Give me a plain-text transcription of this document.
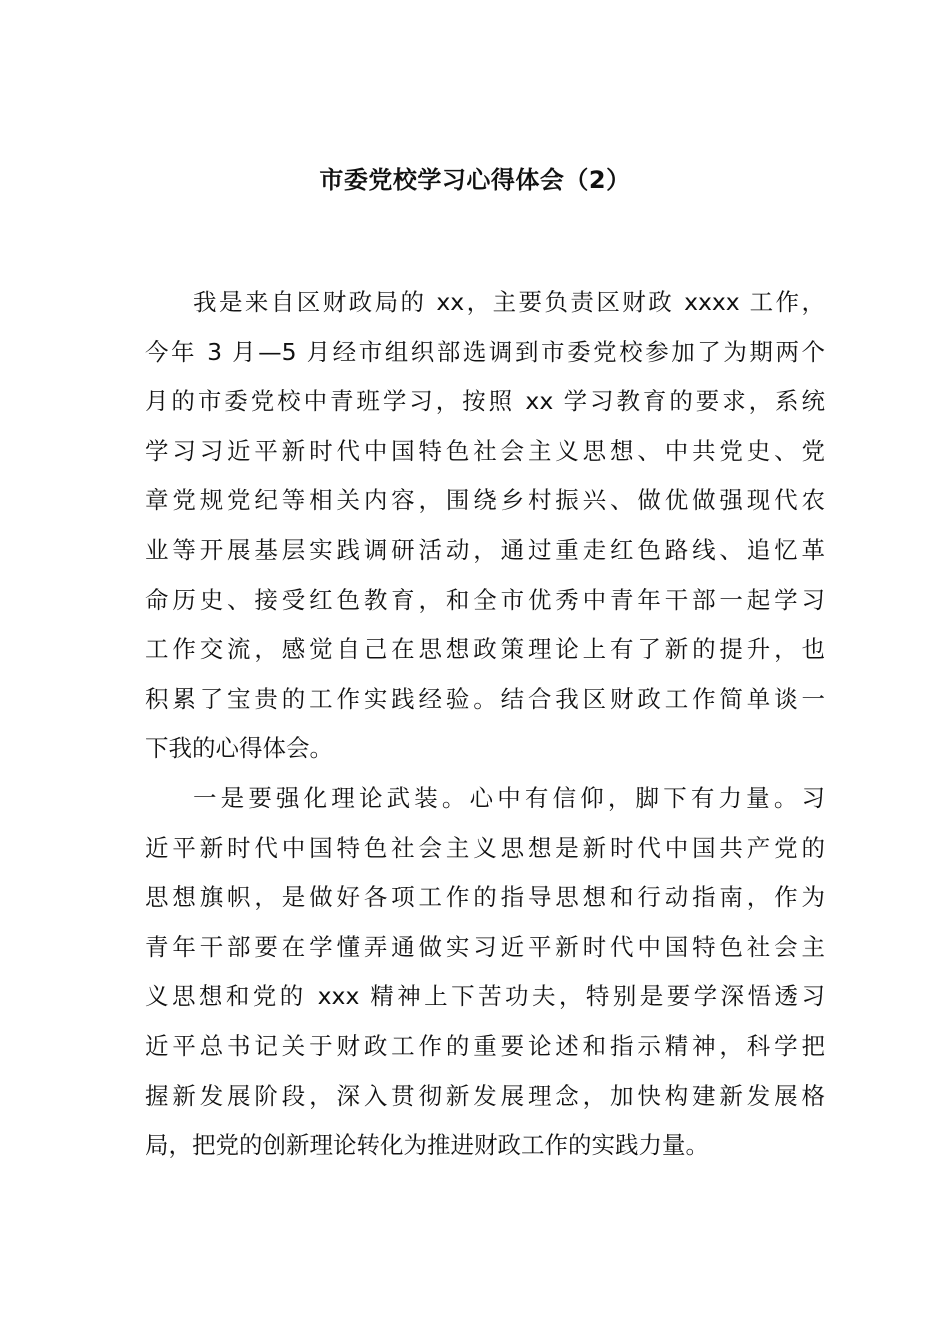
市委党校学习心得体会（2）
我是来自区财政局的 xx，主要负责区财政 xxxx 工作，
今年 3 月—5 月经市组织部选调到市委党校参加了为期两个
月的市委党校中青班学习，按照 xx 学习教育的要求，系统
学习习近平新时代中国特色社会主义思想、中共党史、党
章党规党纪等相关内容，围绕乡村振兴、做优做强现代农
业等开展基层实践调研活动，通过重走红色路线、追忆革
命历史、接受红色教育，和全市优秀中青年干部一起学习
工作交流，感觉自己在思想政策理论上有了新的提升，也
积累了宝贵的工作实践经验。结合我区财政工作简单谈一
下我的心得体会。
一是要强化理论武装。心中有信仰，脚下有力量。习
近平新时代中国特色社会主义思想是新时代中国共产党的
思想旗帜，是做好各项工作的指导思想和行动指南，作为
青年干部要在学懂弄通做实习近平新时代中国特色社会主
义思想和党的 xxx 精神上下苦功夫，特别是要学深悟透习
近平总书记关于财政工作的重要论述和指示精神，科学把
握新发展阶段，深入贯彻新发展理念，加快构建新发展格
局，把党的创新理论转化为推进财政工作的实践力量。
